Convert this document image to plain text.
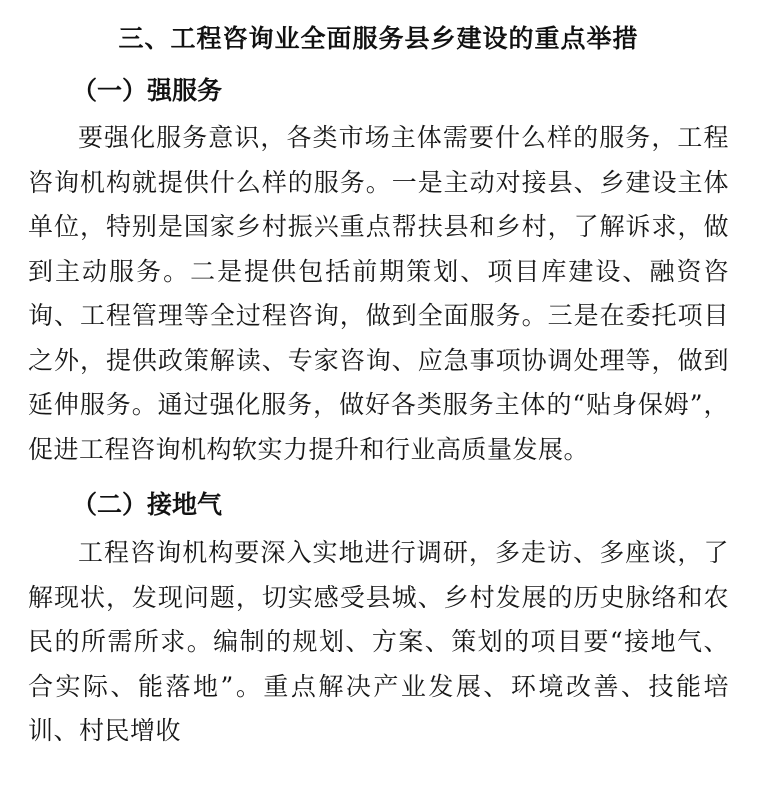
三、工程咨询业全面服务县乡建设的重点举措
（一）强服务

要强化服务意识，各类市场主体需要什么样的服务，工程咨询机构就提供什么样的服务。一是主动对接县、乡建设主体单位，特别是国家乡村振兴重点帮扶县和乡村，了解诉求，做到主动服务。二是提供包括前期策划、项目库建设、融资咨询、工程管理等全过程咨询，做到全面服务。三是在委托项目之外，提供政策解读、专家咨询、应急事项协调处理等，做到延伸服务。通过强化服务，做好各类服务主体的“贴身保姆”，促进工程咨询机构软实力提升和行业高质量发展。

（二）接地气

工程咨询机构要深入实地进行调研，多走访、多座谈，了解现状，发现问题，切实感受县城、乡村发展的历史脉络和农民的所需所求。编制的规划、方案、策划的项目要“接地气、合实际、能落地”。重点解决产业发展、环境改善、技能培训、村民增收
